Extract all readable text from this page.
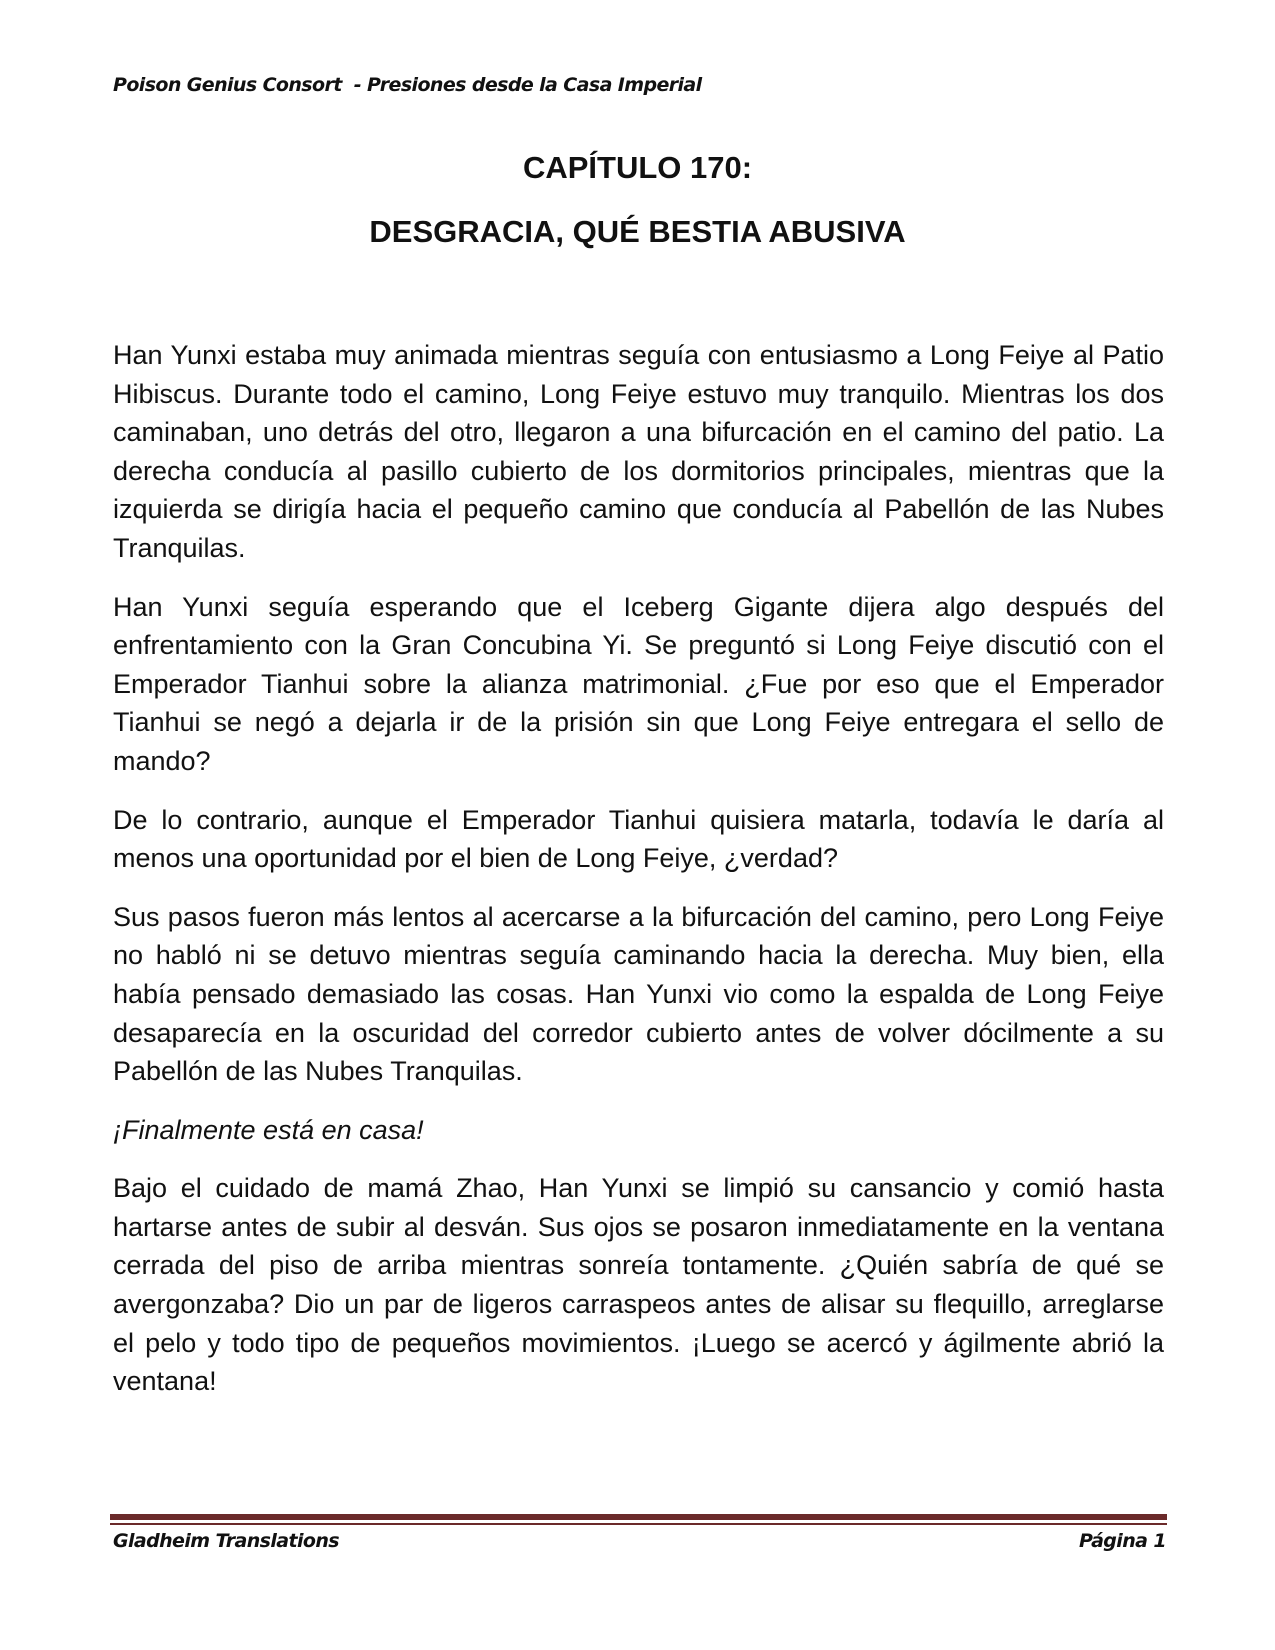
Poison Genius Consort  - Presiones desde la Casa Imperial
CAPÍTULO 170:
DESGRACIA, QUÉ BESTIA ABUSIVA

Han Yunxi estaba muy animada mientras seguía con entusiasmo a Long Feiye al Patio Hibiscus. Durante todo el camino, Long Feiye estuvo muy tranquilo. Mientras los dos caminaban, uno detrás del otro, llegaron a una bifurcación en el camino del patio. La derecha conducía al pasillo cubierto de los dormitorios principales, mientras que la izquierda se dirigía hacia el pequeño camino que conducía al Pabellón de las Nubes Tranquilas.

Han Yunxi seguía esperando que el Iceberg Gigante dijera algo después del enfrentamiento con la Gran Concubina Yi. Se preguntó si Long Feiye discutió con el Emperador Tianhui sobre la alianza matrimonial. ¿Fue por eso que el Emperador Tianhui se negó a dejarla ir de la prisión sin que Long Feiye entregara el sello de mando?

De lo contrario, aunque el Emperador Tianhui quisiera matarla, todavía le daría al menos una oportunidad por el bien de Long Feiye, ¿verdad?

Sus pasos fueron más lentos al acercarse a la bifurcación del camino, pero Long Feiye no habló ni se detuvo mientras seguía caminando hacia la derecha. Muy bien, ella había pensado demasiado las cosas. Han Yunxi vio como la espalda de Long Feiye desaparecía en la oscuridad del corredor cubierto antes de volver dócilmente a su Pabellón de las Nubes Tranquilas.

¡Finalmente está en casa!

Bajo el cuidado de mamá Zhao, Han Yunxi se limpió su cansancio y comió hasta hartarse antes de subir al desván. Sus ojos se posaron inmediatamente en la ventana cerrada del piso de arriba mientras sonreía tontamente. ¿Quién sabría de qué se avergonzaba? Dio un par de ligeros carraspeos antes de alisar su flequillo, arreglarse el pelo y todo tipo de pequeños movimientos. ¡Luego se acercó y ágilmente abrió la ventana!

Gladheim Translations	Página 1
